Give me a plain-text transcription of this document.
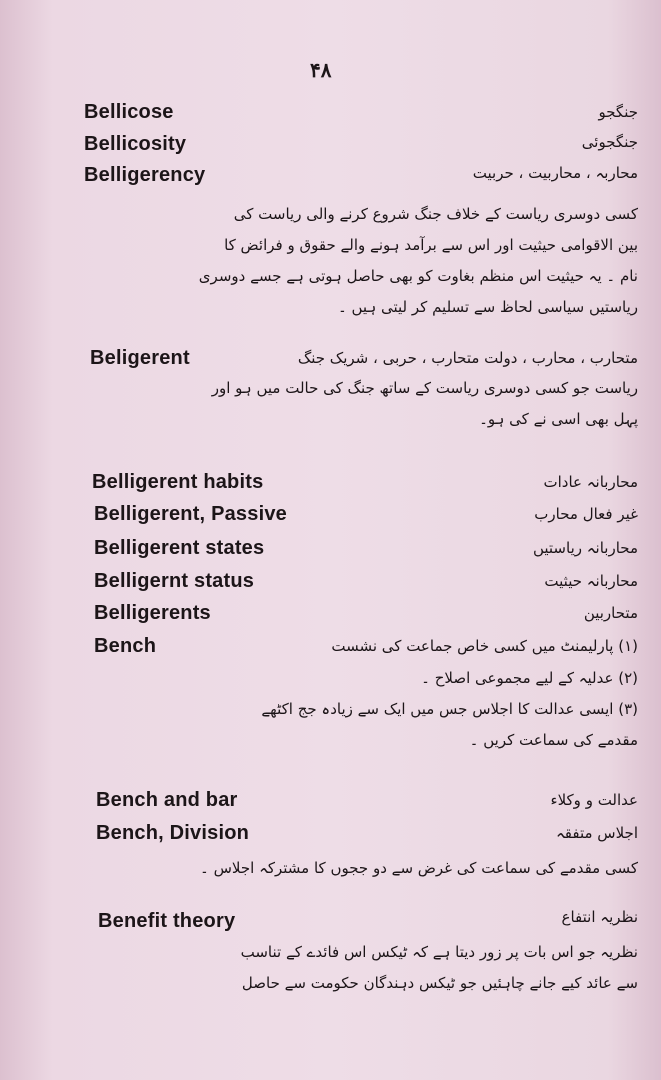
۴۸
Bellicose	جنگجو
Bellicosity	جنگجوئی
Belligerency	محاربہ ، محاربیت ، حربیت
کسی دوسری ریاست کے خلاف جنگ شروع کرنے والی ریاست کی
بین الاقوامی حیثیت اور اس سے برآمد ہونے والے حقوق و فرائض کا
نام ۔ یہ حیثیت اس منظم بغاوت کو بھی حاصل ہوتی ہے جسے دوسری
ریاستیں سیاسی لحاظ سے تسلیم کر لیتی ہیں ۔
Beligerent	متحارب ، محارب ، دولت متحارب ، حربی ، شریک جنگ
ریاست جو کسی دوسری ریاست کے ساتھ جنگ کی حالت میں ہو اور
پہل بھی اسی نے کی ہو۔
Belligerent habits	محاربانہ عادات
Belligerent, Passive	غیر فعال محارب
Belligerent states	محاربانہ ریاستیں
Belligernt status	محاربانہ حیثیت
Belligerents	متحاربین
Bench	(۱) پارلیمنٹ میں کسی خاص جماعت کی نشست
(۲) عدلیہ کے لیے مجموعی اصلاح ۔
(۳) ایسی عدالت کا اجلاس جس میں ایک سے زیادہ جج اکٹھے
مقدمے کی سماعت کریں ۔
Bench and bar	عدالت و وکلاء
Bench, Division	اجلاس متفقہ
کسی مقدمے کی سماعت کی غرض سے دو ججوں کا مشترکہ اجلاس ۔
Benefit theory	نظریہ انتفاع
نظریہ جو اس بات پر زور دیتا ہے کہ ٹیکس اس فائدے کے تناسب
سے عائد کیے جانے چاہئیں جو ٹیکس دہندگان حکومت سے حاصل
